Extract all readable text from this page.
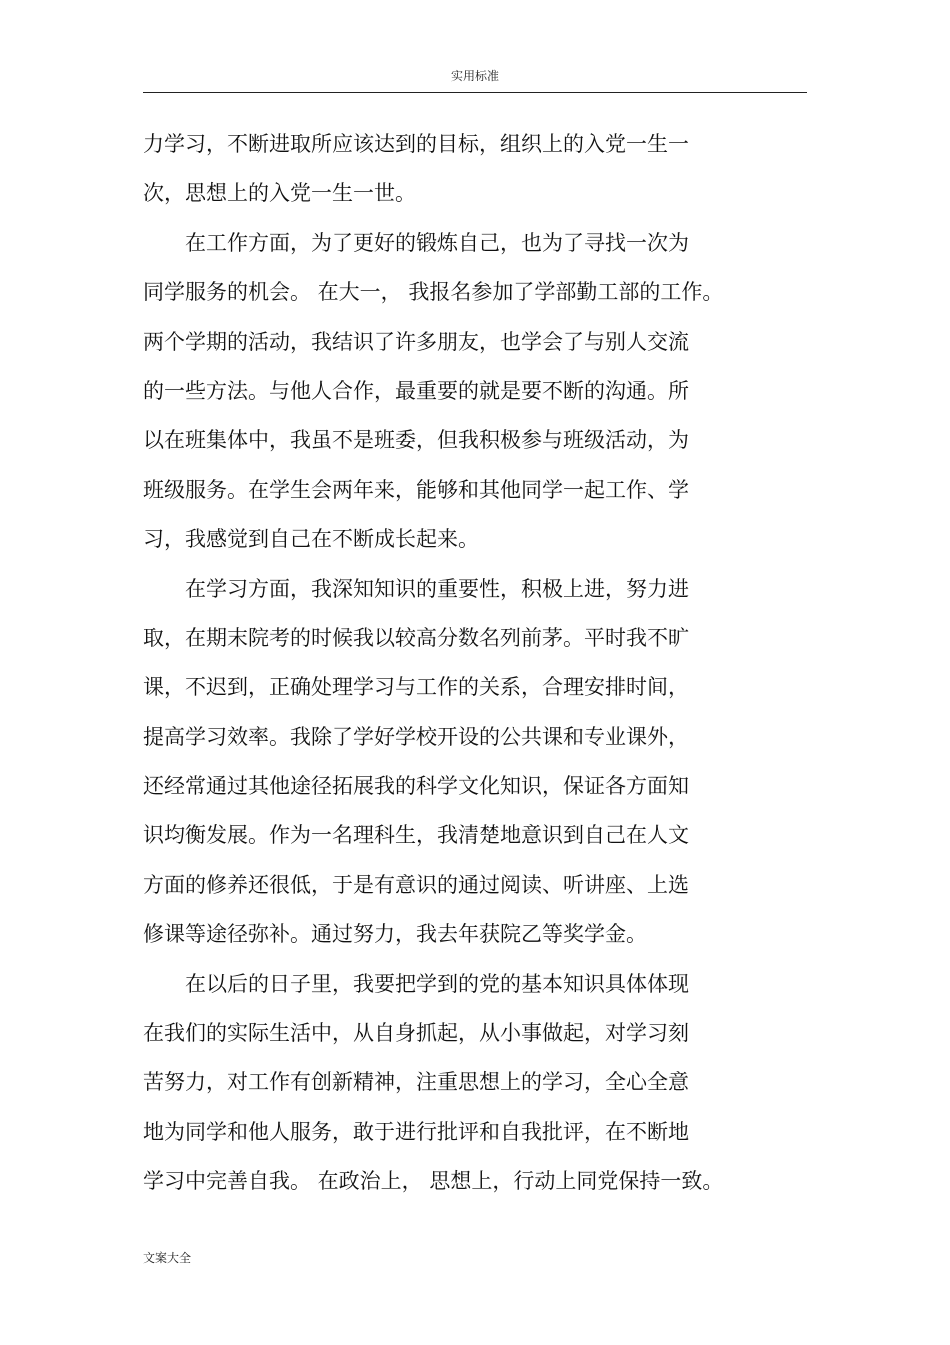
实用标准
力学习，不断进取所应该达到的目标，组织上的入党一生一
次，思想上的入党一生一世。
　　在工作方面，为了更好的锻炼自己，也为了寻找一次为
同学服务的机会。 在大一， 我报名参加了学部勤工部的工作。
两个学期的活动，我结识了许多朋友，也学会了与别人交流
的一些方法。与他人合作，最重要的就是要不断的沟通。所
以在班集体中，我虽不是班委，但我积极参与班级活动，为
班级服务。在学生会两年来，能够和其他同学一起工作、学
习，我感觉到自己在不断成长起来。
　　在学习方面，我深知知识的重要性，积极上进，努力进
取，在期末院考的时候我以较高分数名列前茅。平时我不旷
课，不迟到，正确处理学习与工作的关系，合理安排时间，
提高学习效率。我除了学好学校开设的公共课和专业课外，
还经常通过其他途径拓展我的科学文化知识，保证各方面知
识均衡发展。作为一名理科生，我清楚地意识到自己在人文
方面的修养还很低，于是有意识的通过阅读、听讲座、上选
修课等途径弥补。通过努力，我去年获院乙等奖学金。
　　在以后的日子里，我要把学到的党的基本知识具体体现
在我们的实际生活中，从自身抓起，从小事做起，对学习刻
苦努力，对工作有创新精神，注重思想上的学习，全心全意
地为同学和他人服务，敢于进行批评和自我批评，在不断地
学习中完善自我。 在政治上， 思想上，行动上同党保持一致。
文案大全
